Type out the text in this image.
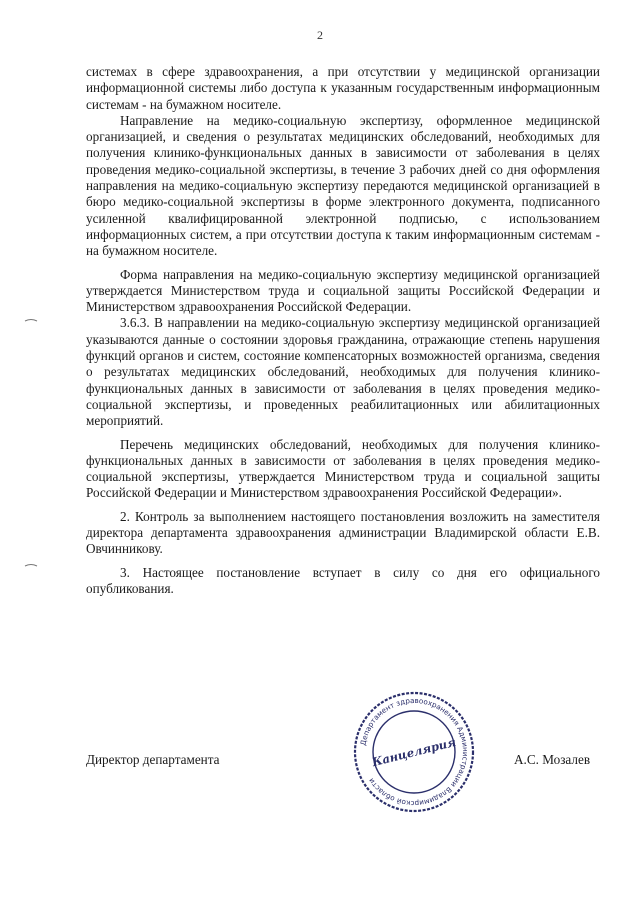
2

системах в сфере здравоохранения, а при отсутствии у медицинской организации информационной системы либо доступа к указанным государственным информационным системам - на бумажном носителе.

Направление на медико-социальную экспертизу, оформленное медицинской организацией, и сведения о результатах медицинских обследований, необходимых для получения клинико-функциональных данных в зависимости от заболевания в целях проведения медико-социальной экспертизы, в течение 3 рабочих дней со дня оформления направления на медико-социальную экспертизу передаются медицинской организацией в бюро медико-социальной экспертизы в форме электронного документа, подписанного усиленной квалифицированной электронной подписью, с использованием информационных систем, а при отсутствии доступа к таким информационным системам - на бумажном носителе.

Форма направления на медико-социальную экспертизу медицинской организацией утверждается Министерством труда и социальной защиты Российской Федерации и Министерством здравоохранения Российской Федерации.

3.6.3. В направлении на медико-социальную экспертизу медицинской организацией указываются данные о состоянии здоровья гражданина, отражающие степень нарушения функций органов и систем, состояние компенсаторных возможностей организма, сведения о результатах медицинских обследований, необходимых для получения клинико-функциональных данных в зависимости от заболевания в целях проведения медико-социальной экспертизы, и проведенных реабилитационных или абилитационных мероприятий.

Перечень медицинских обследований, необходимых для получения клинико-функциональных данных в зависимости от заболевания в целях проведения медико-социальной экспертизы, утверждается Министерством труда и социальной защиты Российской Федерации и Министерством здравоохранения Российской Федерации».

2. Контроль за выполнением настоящего постановления возложить на заместителя директора департамента здравоохранения администрации Владимирской области Е.В. Овчинникову.

3. Настоящее постановление вступает в силу со дня его официального опубликования.

Директор департамента
Департамент здравоохранения Администрации Владимирской области
Канцелярия	А.С. Мозалев
